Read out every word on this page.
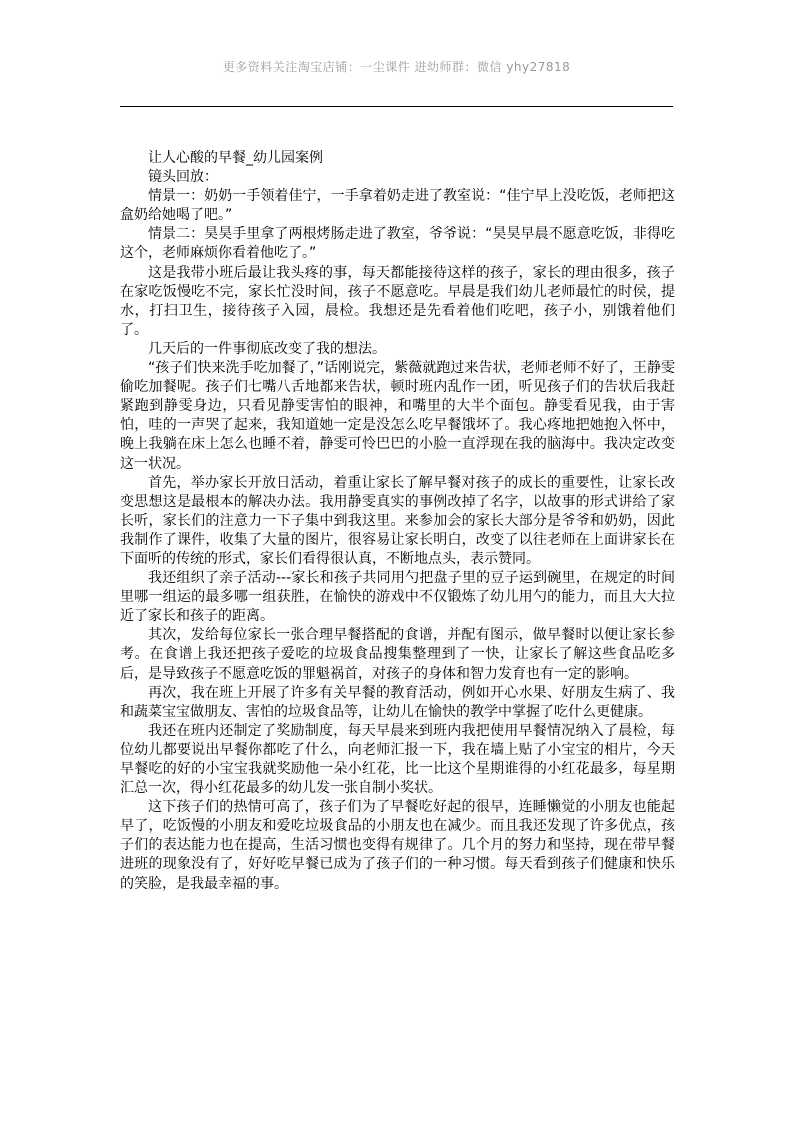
更多资料关注淘宝店铺：一尘课件 进幼师群：微信 yhy27818

让人心酸的早餐_幼儿园案例

镜头回放：

情景一：奶奶一手领着佳宁，一手拿着奶走进了教室说：“佳宁早上没吃饭，老师把这盒奶给她喝了吧。”

情景二：昊昊手里拿了两根烤肠走进了教室，爷爷说：“昊昊早晨不愿意吃饭，非得吃这个，老师麻烦你看着他吃了。”

这是我带小班后最让我头疼的事，每天都能接待这样的孩子，家长的理由很多，孩子在家吃饭慢吃不完，家长忙没时间，孩子不愿意吃。早晨是我们幼儿老师最忙的时侯，提水，打扫卫生，接待孩子入园，晨检。我想还是先看着他们吃吧，孩子小，别饿着他们了。

几天后的一件事彻底改变了我的想法。

“孩子们快来洗手吃加餐了，”话刚说完，紫薇就跑过来告状，老师老师不好了，王静雯偷吃加餐呢。孩子们七嘴八舌地都来告状，顿时班内乱作一团，听见孩子们的告状后我赶紧跑到静雯身边，只看见静雯害怕的眼神，和嘴里的大半个面包。静雯看见我，由于害怕，哇的一声哭了起来，我知道她一定是没怎么吃早餐饿坏了。我心疼地把她抱入怀中，晚上我躺在床上怎么也睡不着，静雯可怜巴巴的小脸一直浮现在我的脑海中。我决定改变这一状况。

首先，举办家长开放日活动，着重让家长了解早餐对孩子的成长的重要性，让家长改变思想这是最根本的解决办法。我用静雯真实的事例改掉了名字，以故事的形式讲给了家长听，家长们的注意力一下子集中到我这里。来参加会的家长大部分是爷爷和奶奶，因此我制作了课件，收集了大量的图片，很容易让家长明白，改变了以往老师在上面讲家长在下面听的传统的形式，家长们看得很认真，不断地点头，表示赞同。

我还组织了亲子活动---家长和孩子共同用勺把盘子里的豆子运到碗里，在规定的时间里哪一组运的最多哪一组获胜，在愉快的游戏中不仅锻炼了幼儿用勺的能力，而且大大拉近了家长和孩子的距离。

其次，发给每位家长一张合理早餐搭配的食谱，并配有图示，做早餐时以便让家长参考。在食谱上我还把孩子爱吃的垃圾食品搜集整理到了一快，让家长了解这些食品吃多后，是导致孩子不愿意吃饭的罪魁祸首，对孩子的身体和智力发育也有一定的影响。

再次，我在班上开展了许多有关早餐的教育活动，例如开心水果、好朋友生病了、我和蔬菜宝宝做朋友、害怕的垃圾食品等，让幼儿在愉快的教学中掌握了吃什么更健康。

我还在班内还制定了奖励制度，每天早晨来到班内我把使用早餐情况纳入了晨检，每位幼儿都要说出早餐你都吃了什么，向老师汇报一下，我在墙上贴了小宝宝的相片，今天早餐吃的好的小宝宝我就奖励他一朵小红花，比一比这个星期谁得的小红花最多，每星期汇总一次，得小红花最多的幼儿发一张自制小奖状。

这下孩子们的热情可高了，孩子们为了早餐吃好起的很早，连睡懒觉的小朋友也能起早了，吃饭慢的小朋友和爱吃垃圾食品的小朋友也在减少。而且我还发现了许多优点，孩子们的表达能力也在提高，生活习惯也变得有规律了。几个月的努力和坚持，现在带早餐进班的现象没有了，好好吃早餐已成为了孩子们的一种习惯。每天看到孩子们健康和快乐的笑脸，是我最幸福的事。
